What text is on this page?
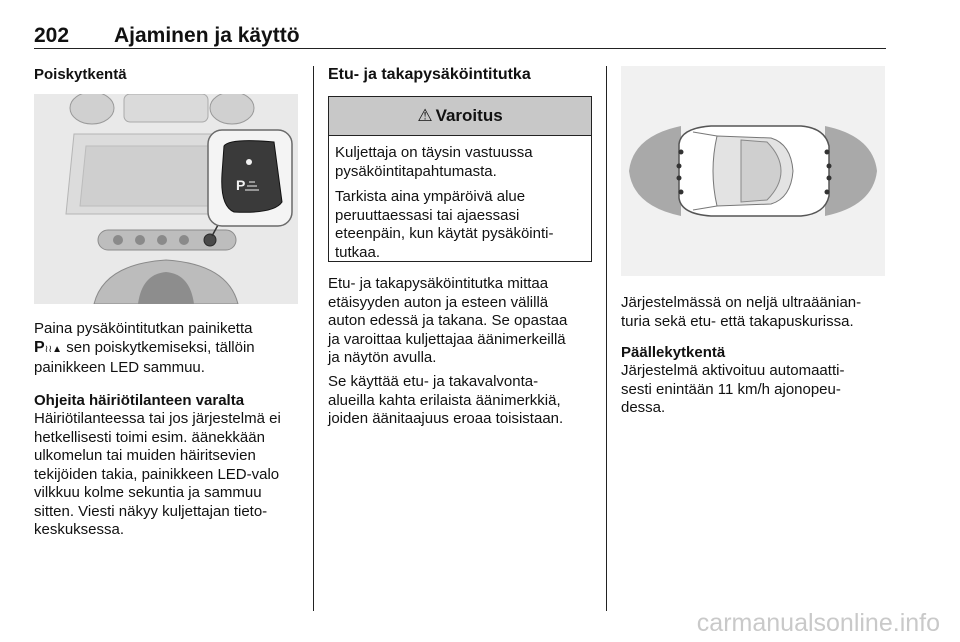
202 Ajaminen ja käyttö
Poiskytkentä
P

Paina pysäköintitutkan painiketta

P≀≀▲ sen poiskytkemiseksi, tällöin

painikkeen LED sammuu.

Ohjeita häiriötilanteen varalta

Häiriötilanteessa tai jos järjestelmä ei

hetkellisesti toimi esim. äänekkään

ulkomelun tai muiden häiritsevien

tekijöiden takia, painikkeen LED-valo

vilkkuu kolme sekuntia ja sammuu

sitten. Viesti näkyy kuljettajan tieto-

keskuksessa.

Etu- ja takapysäköintitutka
⚠ Varoitus

Kuljettaja on täysin vastuussa
pysäköintitapahtumasta.

Tarkista aina ympäröivä alue
peruuttaessasi tai ajaessasi
eteenpäin, kun käytät pysäköinti-
tutkaa.

Etu- ja takapysäköintitutka mittaa

etäisyyden auton ja esteen välillä

auton edessä ja takana. Se opastaa

ja varoittaa kuljettajaa äänimerkeillä

ja näytön avulla.

Se käyttää etu- ja takavalvonta-

alueilla kahta erilaista äänimerkkiä,

joiden äänitaajuus eroaa toisistaan.

Järjestelmässä on neljä ultraäänian-

turia sekä etu- että takapuskurissa.

Päällekytkentä

Järjestelmä aktivoituu automaatti-

sesti enintään 11 km/h ajonopeu-

dessa.

carmanualsonline.info
